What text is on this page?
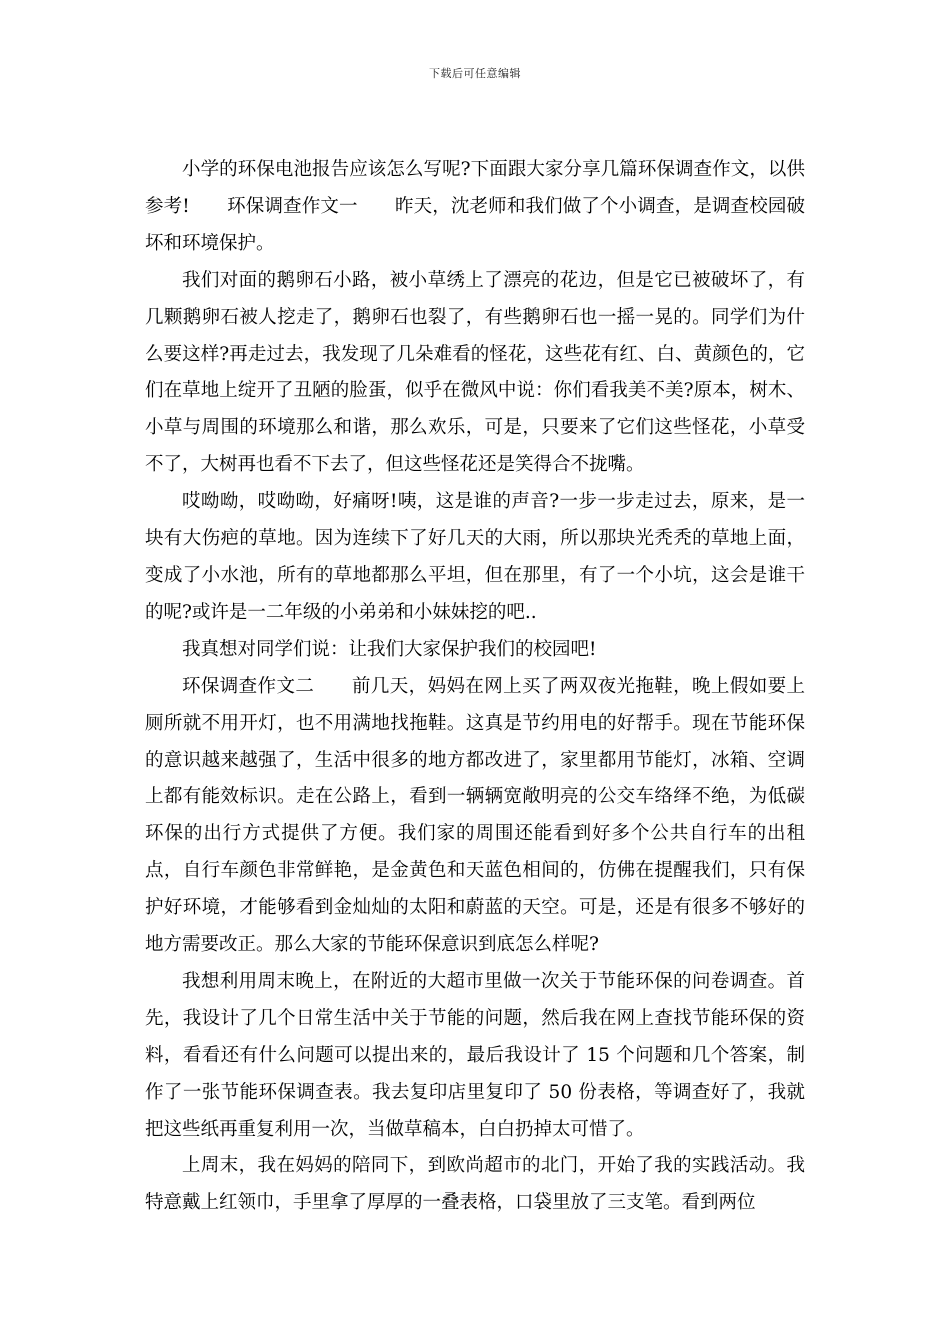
下载后可任意编辑

小学的环保电池报告应该怎么写呢?下面跟大家分享几篇环保调查作文，以供参考!　　环保调查作文一　　昨天，沈老师和我们做了个小调查，是调查校园破坏和环境保护。

我们对面的鹅卵石小路，被小草绣上了漂亮的花边，但是它已被破坏了，有几颗鹅卵石被人挖走了，鹅卵石也裂了，有些鹅卵石也一摇一晃的。同学们为什么要这样?再走过去，我发现了几朵难看的怪花，这些花有红、白、黄颜色的，它们在草地上绽开了丑陋的脸蛋，似乎在微风中说：你们看我美不美?原本，树木、小草与周围的环境那么和谐，那么欢乐，可是，只要来了它们这些怪花，小草受不了，大树再也看不下去了，但这些怪花还是笑得合不拢嘴。

哎呦呦，哎呦呦，好痛呀!咦，这是谁的声音?一步一步走过去，原来，是一块有大伤疤的草地。因为连续下了好几天的大雨，所以那块光秃秃的草地上面，变成了小水池，所有的草地都那么平坦，但在那里，有了一个小坑，这会是谁干的呢?或许是一二年级的小弟弟和小妹妹挖的吧..

我真想对同学们说：让我们大家保护我们的校园吧!

环保调查作文二　　前几天，妈妈在网上买了两双夜光拖鞋，晚上假如要上厕所就不用开灯，也不用满地找拖鞋。这真是节约用电的好帮手。现在节能环保的意识越来越强了，生活中很多的地方都改进了，家里都用节能灯，冰箱、空调上都有能效标识。走在公路上，看到一辆辆宽敞明亮的公交车络绎不绝，为低碳环保的出行方式提供了方便。我们家的周围还能看到好多个公共自行车的出租点，自行车颜色非常鲜艳，是金黄色和天蓝色相间的，仿佛在提醒我们，只有保护好环境，才能够看到金灿灿的太阳和蔚蓝的天空。可是，还是有很多不够好的地方需要改正。那么大家的节能环保意识到底怎么样呢?

我想利用周末晚上，在附近的大超市里做一次关于节能环保的问卷调查。首先，我设计了几个日常生活中关于节能的问题，然后我在网上查找节能环保的资料，看看还有什么问题可以提出来的，最后我设计了 15 个问题和几个答案，制作了一张节能环保调查表。我去复印店里复印了 50 份表格，等调查好了，我就把这些纸再重复利用一次，当做草稿本，白白扔掉太可惜了。

上周末，我在妈妈的陪同下，到欧尚超市的北门，开始了我的实践活动。我特意戴上红领巾，手里拿了厚厚的一叠表格，口袋里放了三支笔。看到两位
